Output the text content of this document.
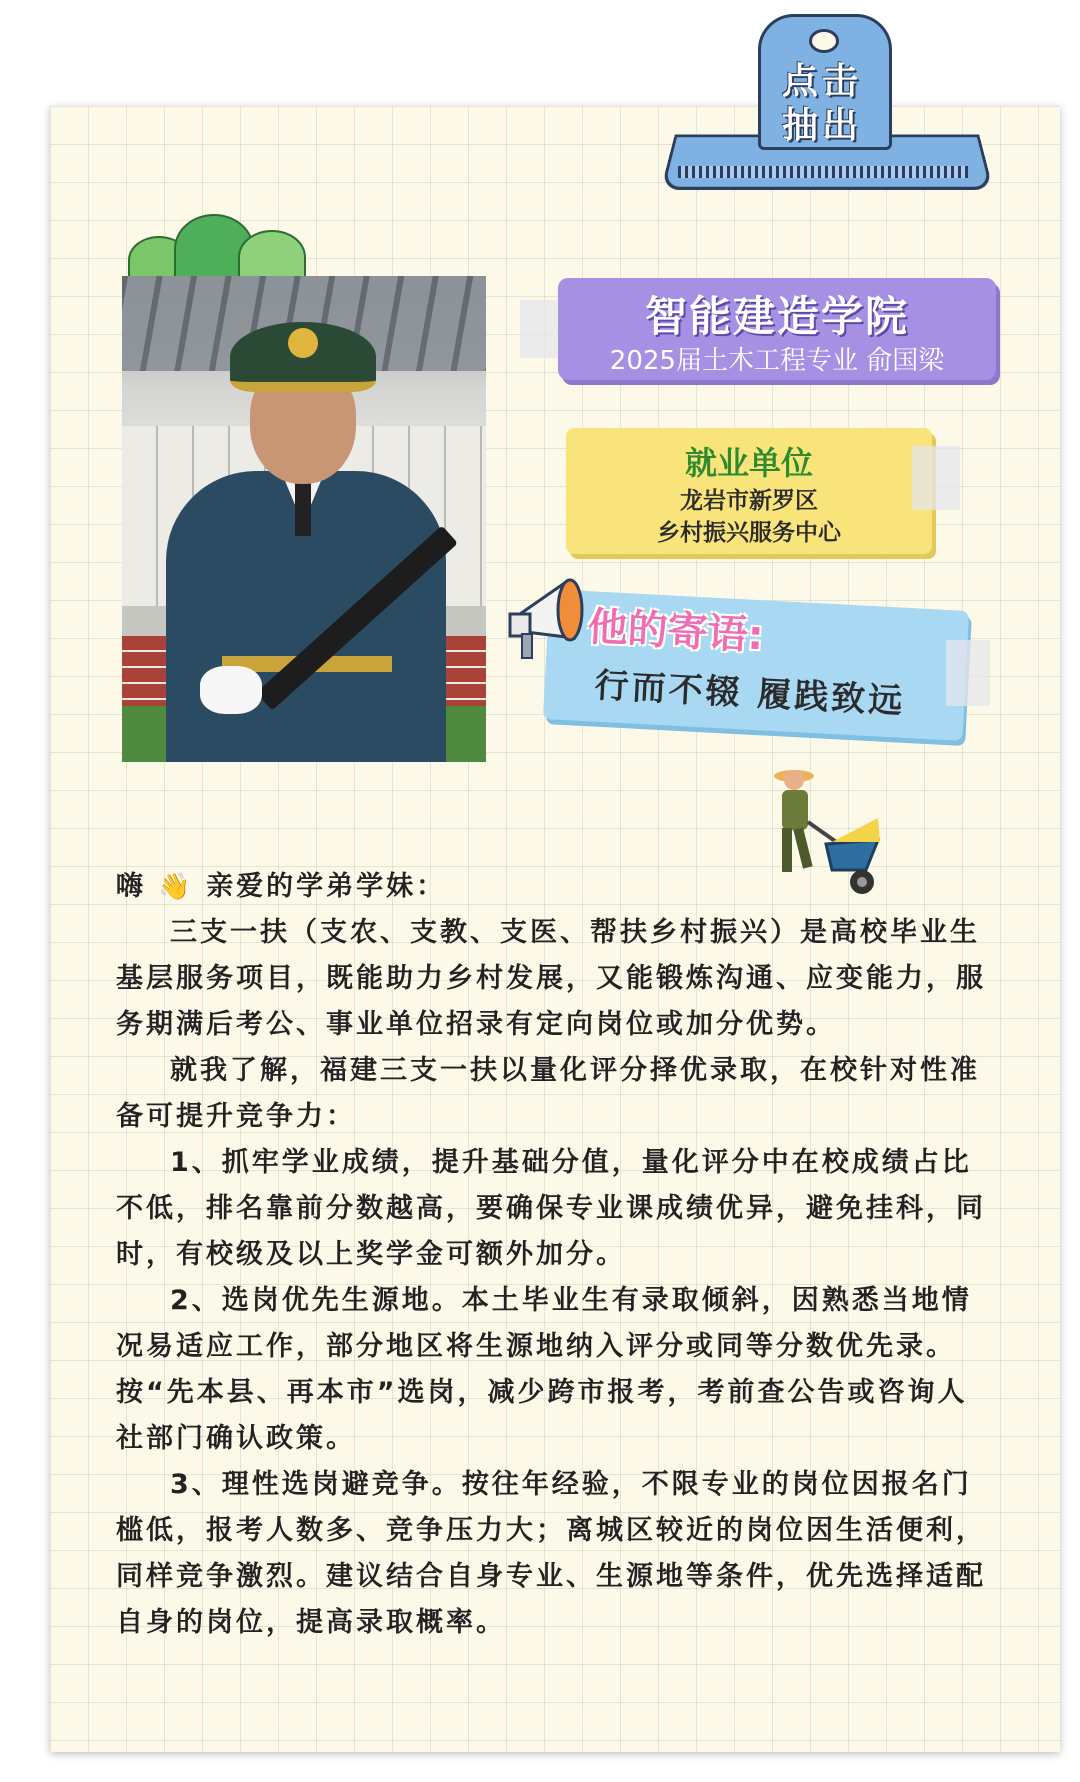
点击抽出
智能建造学院
2025届土木工程专业 俞国梁
就业单位
龙岩市新罗区
乡村振兴服务中心
他的寄语:
行而不辍 履践致远
嗨 👋 亲爱的学弟学妹：

三支一扶（支农、支教、支医、帮扶乡村振兴）是高校毕业生基层服务项目，既能助力乡村发展，又能锻炼沟通、应变能力，服务期满后考公、事业单位招录有定向岗位或加分优势。

就我了解，福建三支一扶以量化评分择优录取，在校针对性准备可提升竞争力：

1、抓牢学业成绩，提升基础分值，量化评分中在校成绩占比不低，排名靠前分数越高，要确保专业课成绩优异，避免挂科，同时，有校级及以上奖学金可额外加分。

2、选岗优先生源地。本土毕业生有录取倾斜，因熟悉当地情况易适应工作，部分地区将生源地纳入评分或同等分数优先录。按“先本县、再本市”选岗，减少跨市报考，考前查公告或咨询人社部门确认政策。

3、理性选岗避竞争。按往年经验，不限专业的岗位因报名门槛低，报考人数多、竞争压力大；离城区较近的岗位因生活便利，同样竞争激烈。建议结合自身专业、生源地等条件，优先选择适配自身的岗位，提高录取概率。
